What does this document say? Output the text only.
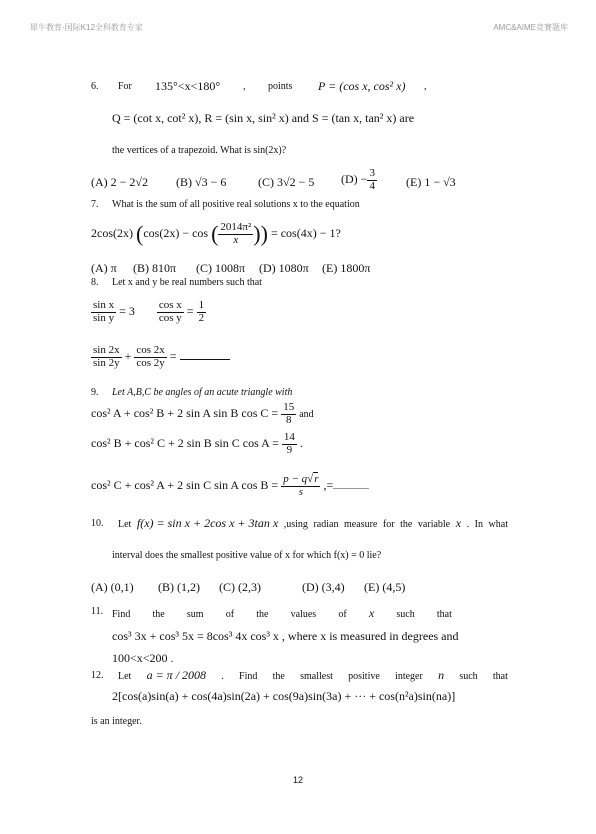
犀牛教育·国际K12全科教育专家	AMC&AIME竞赛题库
6. For 135°<x<180° , points P = (cos x, cos² x) ,
Q = (cot x, cot² x), R = (sin x, sin² x) and S = (tan x, tan² x) are
the vertices of a trapezoid. What is sin(2x)?
(A) 2 − 2√2 (B) √3 − 6	(C) 3√2 − 5 $(D) - \frac{3}{4} (E) 1 - √3$
7. What is the sum of all positive real solutions x to the equation
2cos(2x) (cos(2x) − cos ( $\frac{\text{2014π²}}{x}$ )) = cos(4x) − 1?
(A) π (B) 810π (C) 1008π (D) 1080π (E) 1800π
8. Let x and y be real numbers such that
$\frac{\text{sin x}}{\text{sin y}} = 3 \frac{\text{cos x}}{\text{cos y}} = \frac{1}{2}$
$\frac{\sin 2x}{\sin 2y} + \frac{\cos 2x}{\cos 2y}$ =
9. Let A,B,C be angles of an acute triangle with
cos² A + cos² B + 2 sin A sin B $\cos C = \frac{15}{8}$ and
cos² B + cos² C + 2 sin B sin C $\cos A = \frac{14}{9}$ .
cos² C + cos² A + 2 sin C sin A $\cos B = \frac{p - q√r}{s}$ ,=
10. Let f(x) = sin x + 2cos x + 3tan x ,using radian measure for the variable x . In what
interval does the smallest positive value of x for which f(x) = 0 lie?
(A) (0,1) (B) (1,2) (C) (2,3)	(D) (3,4) (E) (4,5)
11. Find the sum of the values of x such that
cos³ 3x + cos³ 5x = 8cos³ 4x cos³ x , where x is measured in degrees and
100<x<200 .
12. Let a = π / 2008 . Find the smallest positive integer n such that
2[cos(a)sin(a) + cos(4a)sin(2a) + cos(9a)sin(3a) + ··· + cos(n²a)sin(na)]
is an integer.
12
